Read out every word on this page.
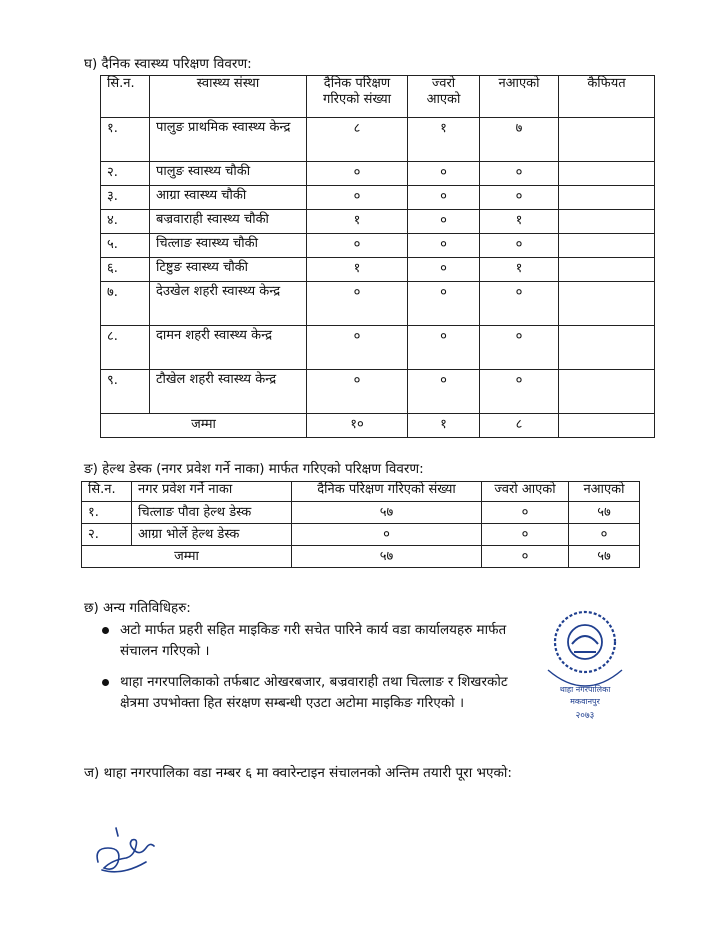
घ) दैनिक स्वास्थ्य परिक्षण विवरण:
सि.न.	स्वास्थ्य संस्था	दैनिक परिक्षण गरिएको संख्या	ज्वरो आएको	नआएको	कैफियत
१.	पालुङ प्राथमिक स्वास्थ्य केन्द्र	८	१	७	
२.	पालुङ स्वास्थ्य चौकी	०	०	०	
३.	आग्रा स्वास्थ्य चौकी	०	०	०	
४.	बज्रवाराही स्वास्थ्य चौकी	१	०	१	
५.	चित्लाङ स्वास्थ्य चौकी	०	०	०	
६.	टिष्टुङ स्वास्थ्य चौकी	१	०	१	
७.	देउखेल शहरी स्वास्थ्य केन्द्र	०	०	०	
८.	दामन शहरी स्वास्थ्य केन्द्र	०	०	०	
९.	टौखेल शहरी स्वास्थ्य केन्द्र	०	०	०	
जम्मा		१०	१	८	
ङ) हेल्थ डेस्क (नगर प्रवेश गर्ने नाका) मार्फत गरिएको परिक्षण विवरण:
सि.न.	नगर प्रवेश गर्ने नाका	दैनिक परिक्षण गरिएको संख्या	ज्वरो आएको	नआएको
१.	चित्लाङ पौवा हेल्थ डेस्क	५७	०	५७
२.	आग्रा भोर्ले हेल्थ डेस्क	०	०	०
जम्मा		५७	०	५७
छ) अन्य गतिविधिहरु:
अटो मार्फत प्रहरी सहित माइकिङ गरी सचेत पारिने कार्य वडा कार्यालयहरु मार्फत संचालन गरिएको ।
थाहा नगरपालिकाको तर्फबाट ओखरबजार, बज्रवाराही तथा चित्लाङ र शिखरकोट क्षेत्रमा उपभोक्ता हित संरक्षण सम्बन्धी एउटा अटोमा माइकिङ गरिएको ।
थाहा नगरपालिका
मकवानपुर
२०७३
ज) थाहा नगरपालिका वडा नम्बर ६ मा क्वारेन्टाइन संचालनको अन्तिम तयारी पूरा भएको:
